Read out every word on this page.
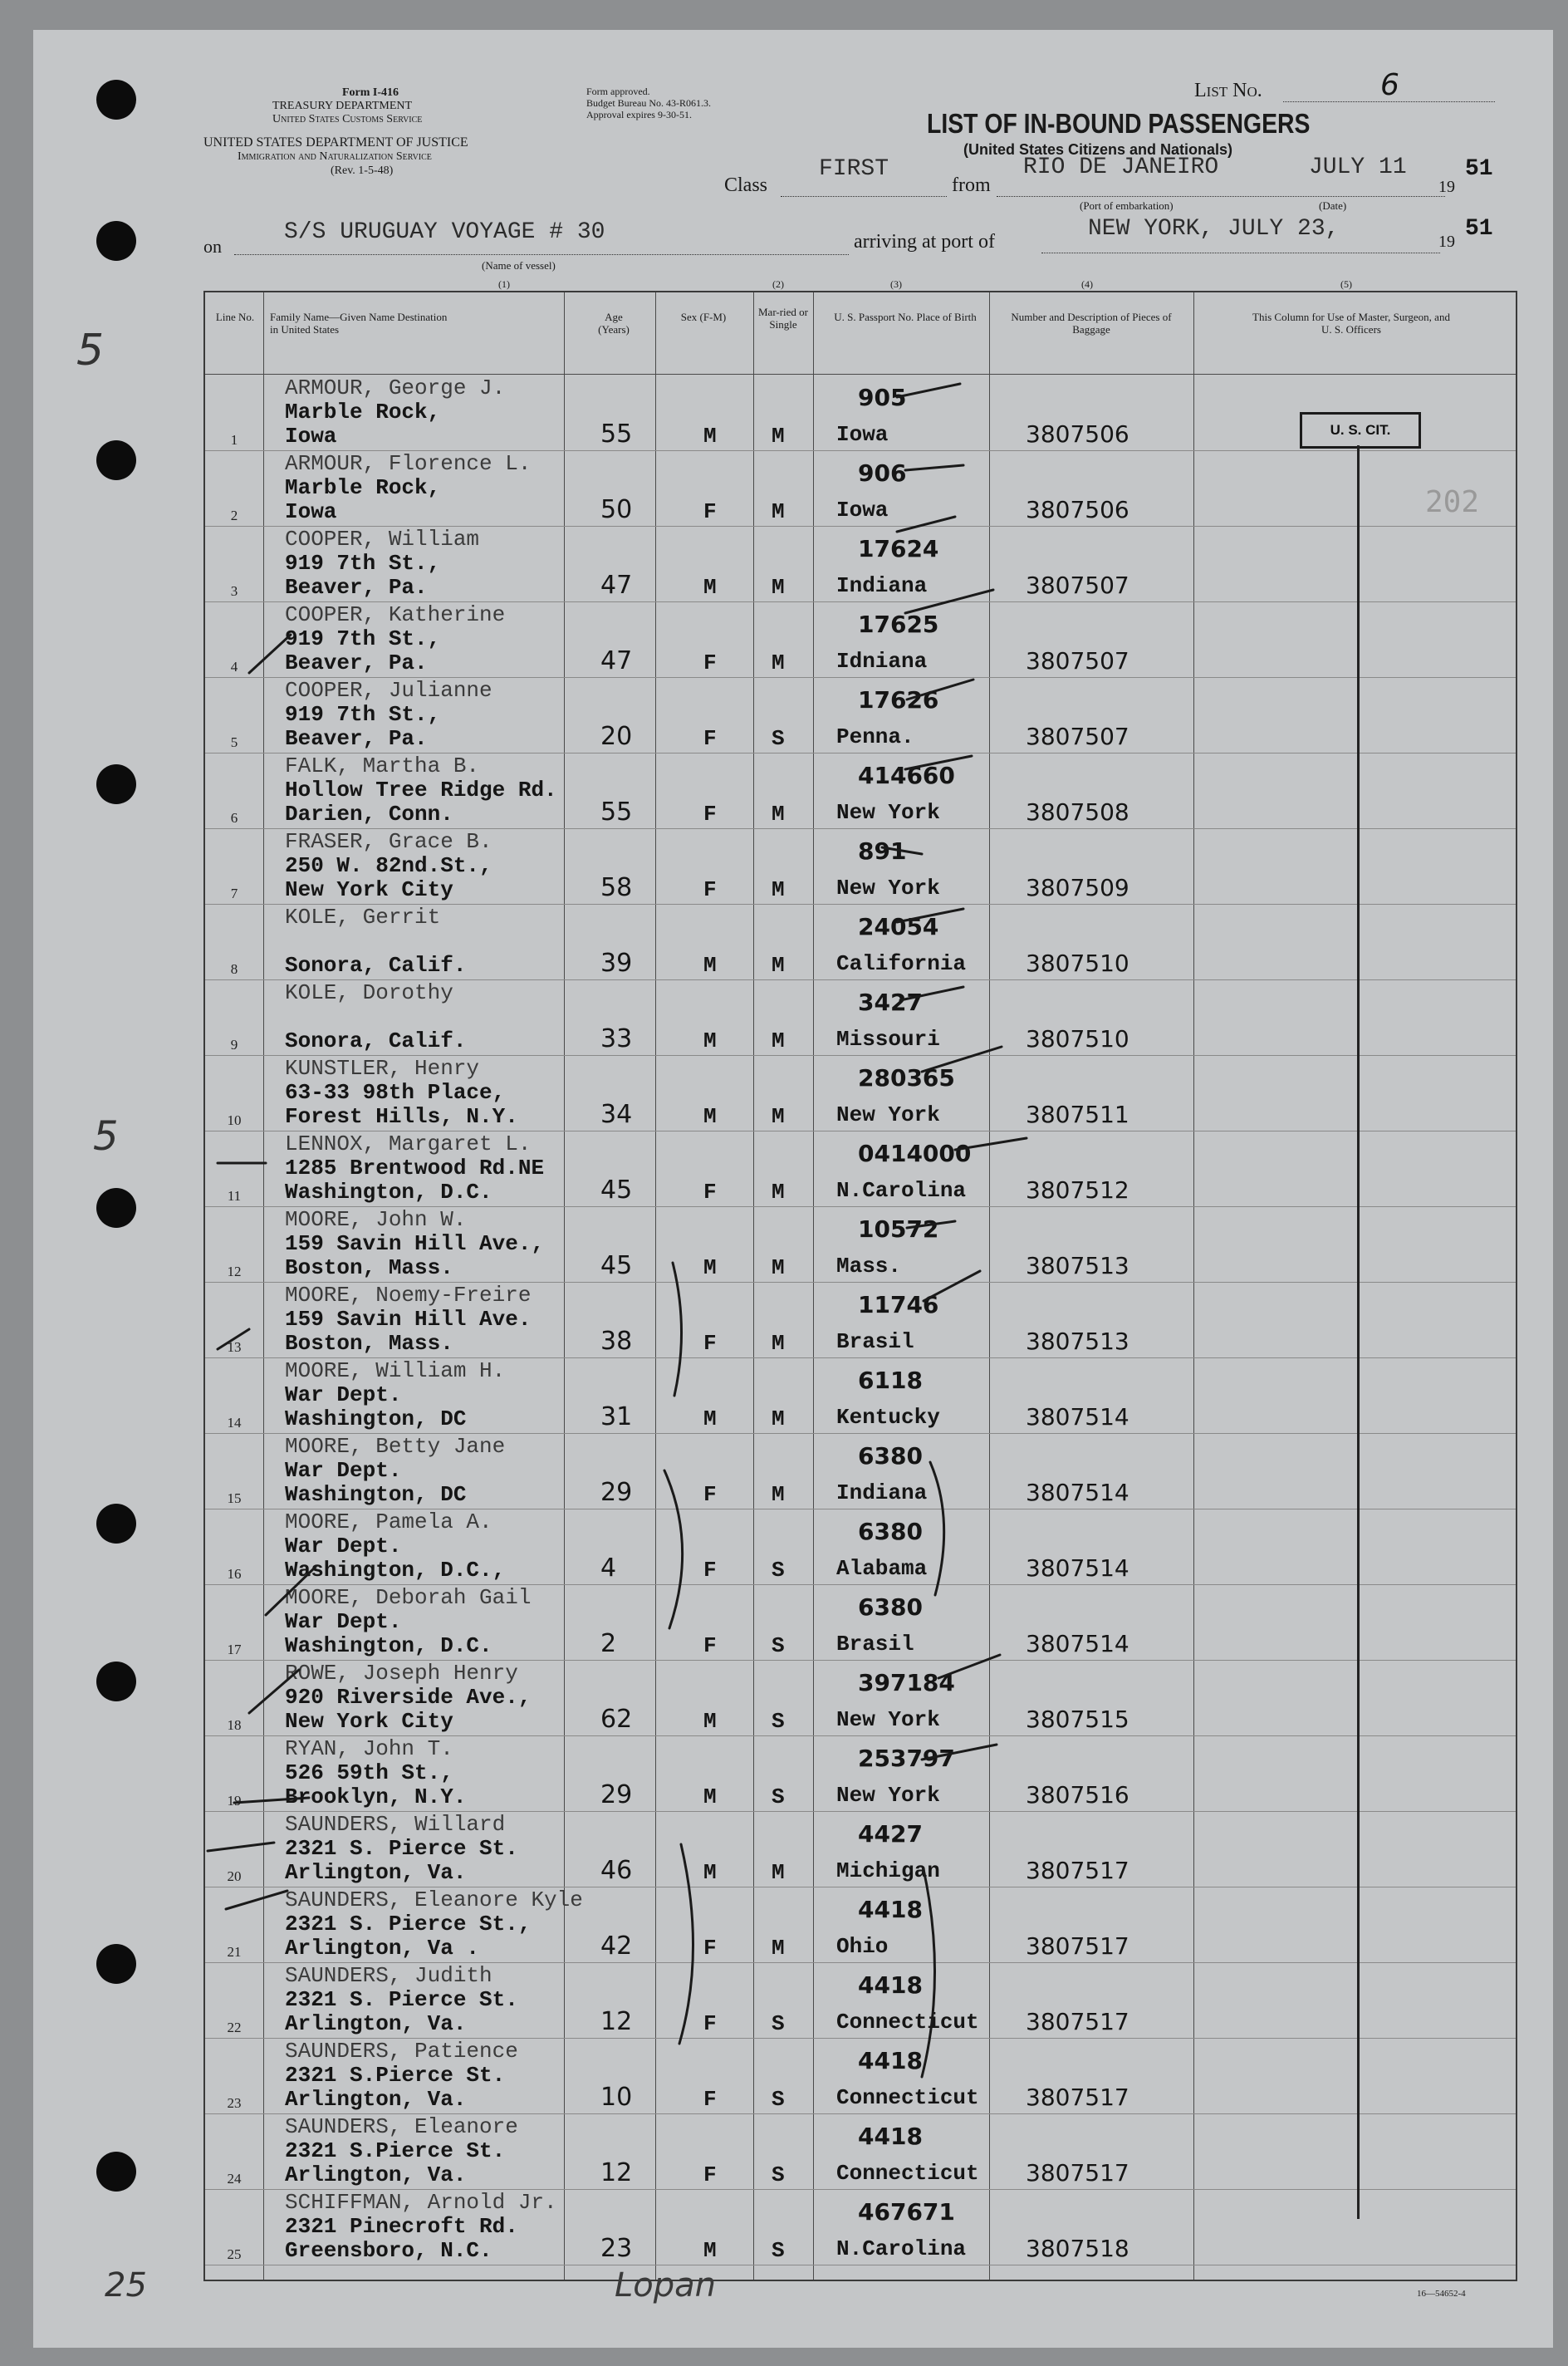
Form I-416
TREASURY DEPARTMENT
United States Customs Service
UNITED STATES DEPARTMENT OF JUSTICE
Immigration and Naturalization Service
(Rev. 1-5-48)
Form approved.
Budget Bureau No. 43-R061.3.
Approval expires 9-30-51.
List No.	6
LIST OF IN-BOUND PASSENGERS
(United States Citizens and Nationals)
Class
FIRST
from
RIO DE JANEIRO	JULY 11
(Port of embarkation)	(Date)
19
51
on
S/S URUGUAY VOYAGE # 30
(Name of vessel)
arriving at port of	NEW YORK, JULY 23,	19 51
(1)	(2)	(3)	(4)	(5)
Line No.	Family Name—Given Name Destination in United States
Age (Years)
Sex (F-M)	Mar-ried or Single
U. S. Passport No. Place of Birth	Number and Description of Pieces of Baggage
This Column for Use of Master, Surgeon, and U. S. Officers
1
ARMOUR, George J.
Marble Rock,
Iowa	55	M	M
905
Iowa	3807506
2
ARMOUR, Florence L.
Marble Rock,
Iowa	50	F	M
906
Iowa	3807506
3
COOPER, William
919 7th St.,
Beaver, Pa.	47	M	M
17624
Indiana	3807507
4
COOPER, Katherine
919 7th St.,
Beaver, Pa.	47	F	M
17625
Idniana	3807507
5
COOPER, Julianne
919 7th St.,
Beaver, Pa.	20	F	S
17626
Penna.	3807507
6
FALK, Martha B.
Hollow Tree Ridge Rd.
Darien, Conn.	55	F	M
414660
New York	3807508
7
FRASER, Grace B.
250 W. 82nd.St.,
New York City	58	F	M
891
New York	3807509
8
KOLE, Gerrit
Sonora, Calif.	39	M	M
24054
California	3807510
9
KOLE, Dorothy
Sonora, Calif.	33	M	M
3427
Missouri	3807510
10
KUNSTLER, Henry
63-33 98th Place,
Forest Hills, N.Y.	34	M	M
280365
New York	3807511
11
LENNOX, Margaret L.
1285 Brentwood Rd.NE
Washington, D.C.	45	F	M
0414000
N.Carolina	3807512
12
MOORE, John W.
159 Savin Hill Ave.,
Boston, Mass.	45	M	M
10572
Mass.	3807513
13
MOORE, Noemy-Freire
159 Savin Hill Ave.
Boston, Mass.	38	F	M
11746
Brasil	3807513
14
MOORE, William H.
War Dept.
Washington, DC	31	M	M
6118
Kentucky	3807514
15
MOORE, Betty Jane
War Dept.
Washington, DC	29	F	M
6380
Indiana	3807514
16
MOORE, Pamela A.
War Dept.
Washington, D.C.,	4	F	S
6380
Alabama	3807514
17
MOORE, Deborah Gail
War Dept.
Washington, D.C.	2	F	S
6380
Brasil	3807514
18
ROWE, Joseph Henry
920 Riverside Ave.,
New York City	62	M	S
397184
New York	3807515
19
RYAN, John T.
526 59th St.,
Brooklyn, N.Y.	29	M	S
253797
New York	3807516
20
SAUNDERS, Willard
2321 S. Pierce St.
Arlington, Va.	46	M	M
4427
Michigan	3807517
21
SAUNDERS, Eleanore Kyle
2321 S. Pierce St.,
Arlington, Va .	42	F	M
4418
Ohio	3807517
22
SAUNDERS, Judith
2321 S. Pierce St.
Arlington, Va.	12	F	S
4418
Connecticut 3807517
23
SAUNDERS, Patience
2321 S.Pierce St.
Arlington, Va.	10	F	S
4418
Connecticut 3807517
24
SAUNDERS, Eleanore
2321 S.Pierce St.
Arlington, Va.	12	F	S
4418
Connecticut 3807517
25
SCHIFFMAN, Arnold Jr.
2321 Pinecroft Rd.
Greensboro, N.C.	23	M	S
467671
N.Carolina	3807518
U. S. CIT.
202
16—54652-4
Lopan
5
5
25
